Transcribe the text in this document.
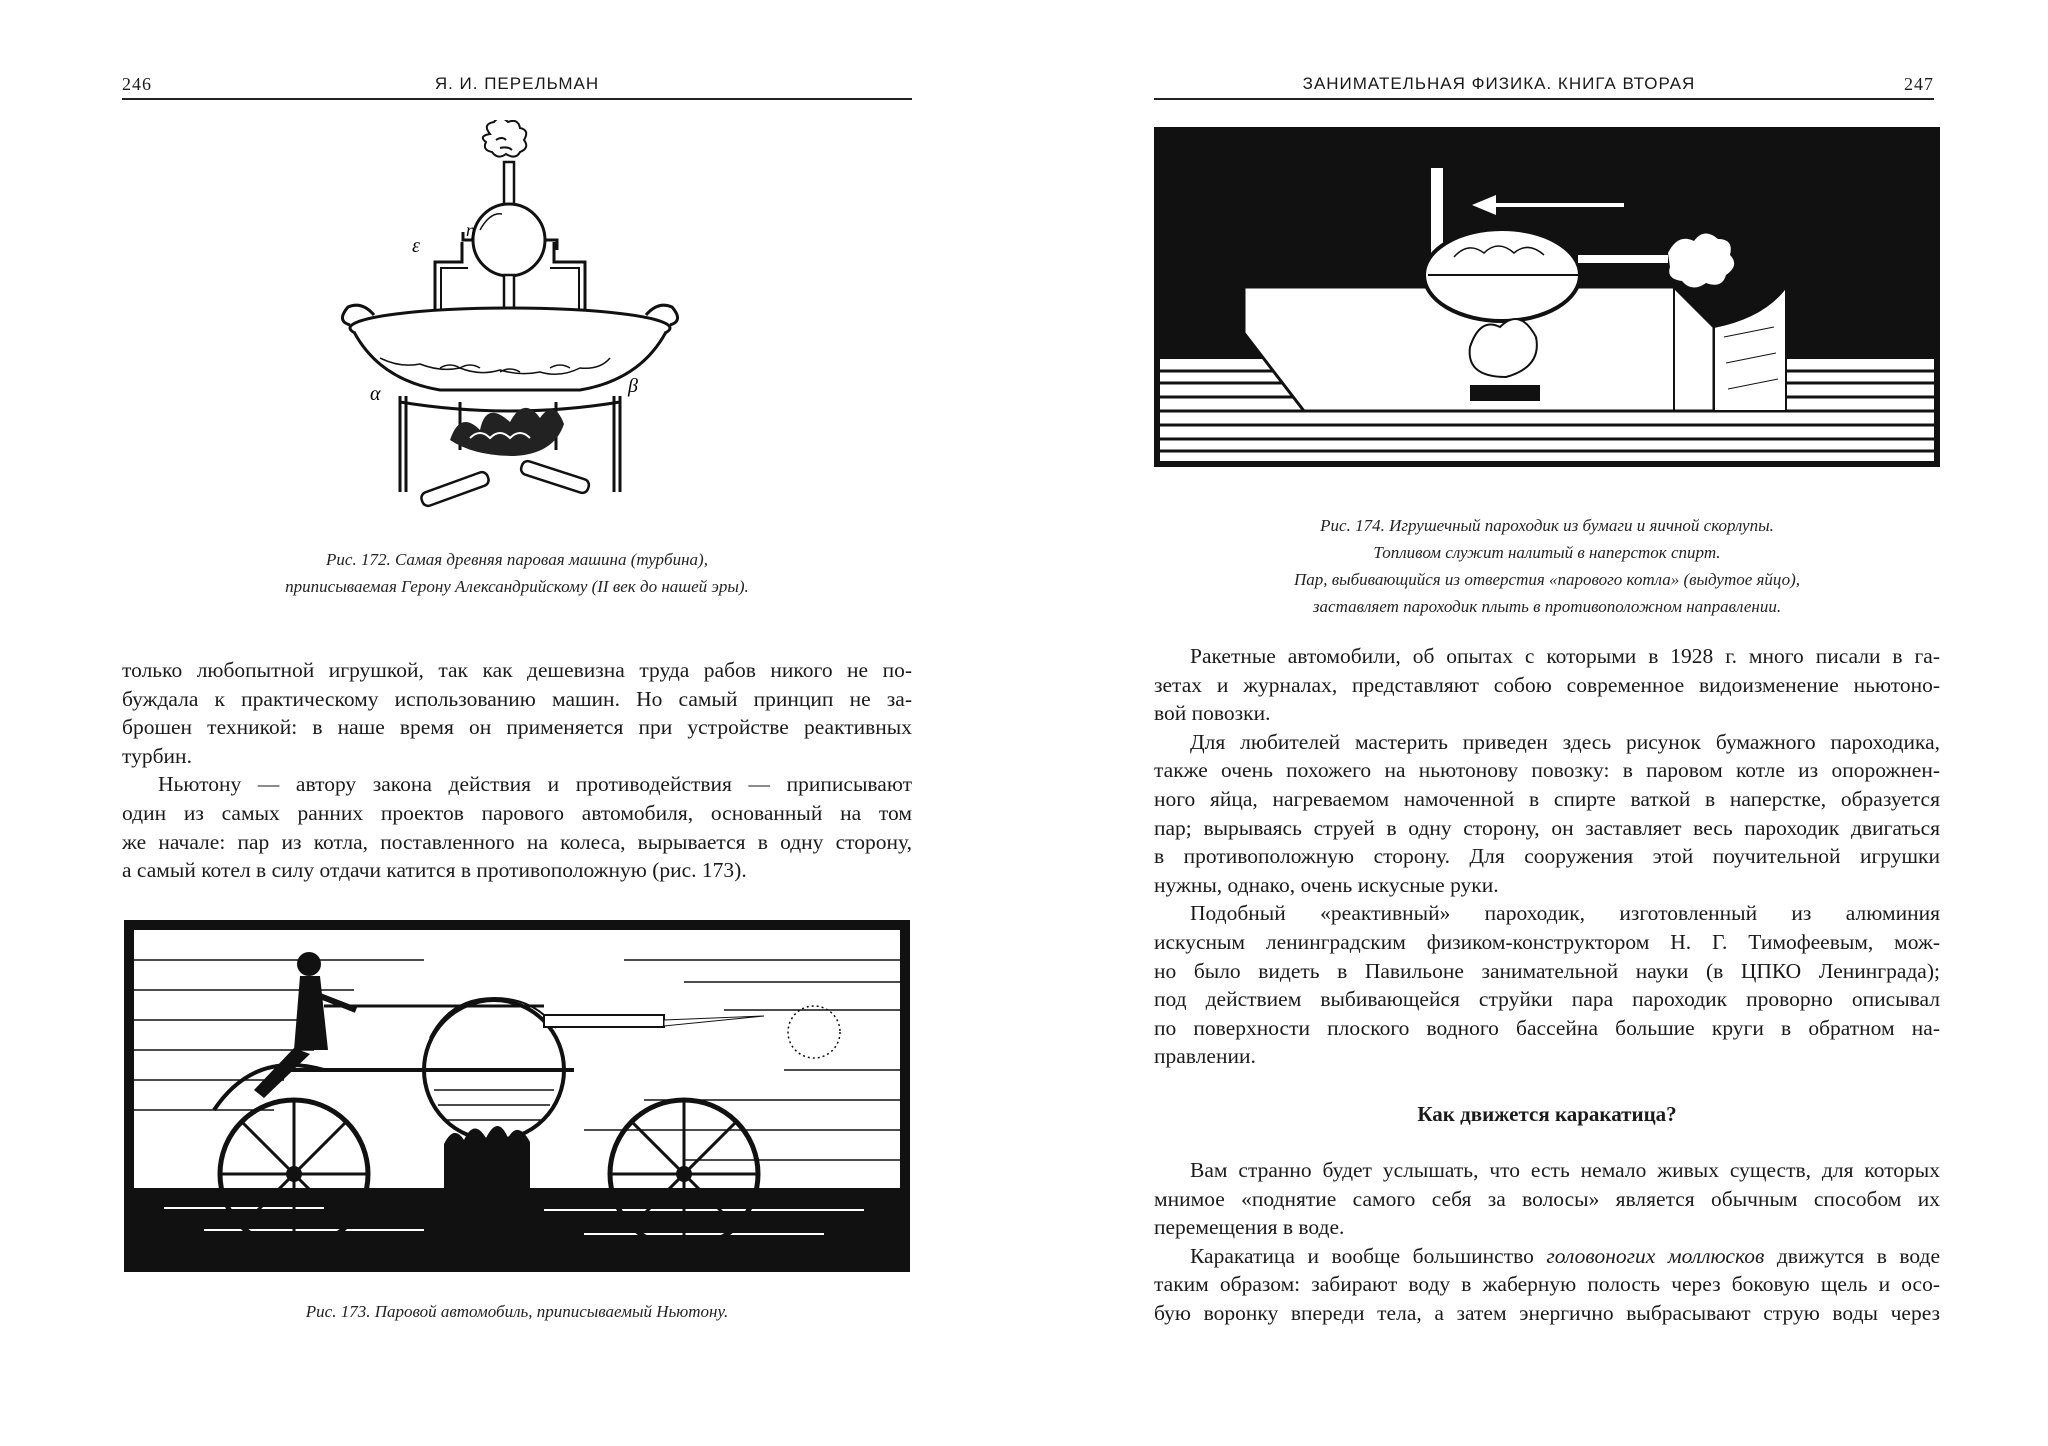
246	Я. И. ПЕРЕЛЬМАН
ε
η
α	β
Рис. 172. Самая древняя паровая машина (турбина),
приписываемая Герону Александрийскому (II век до нашей эры).
только любопытной игрушкой, так как дешевизна труда рабов никого не по-
буждала к практическому использованию машин. Но самый принцип не за-
брошен техникой: в наше время он применяется при устройстве реактивных
турбин.
Ньютону — автору закона действия и противодействия — приписывают
один из самых ранних проектов парового автомобиля, основанный на том
же начале: пар из котла, поставленного на колеса, вырывается в одну сторону,
а самый котел в силу отдачи катится в противоположную (рис. 173).
Рис. 173. Паровой автомобиль, приписываемый Ньютону.
ЗАНИМАТЕЛЬНАЯ ФИЗИКА. КНИГА ВТОРАЯ	247
Рис. 174. Игрушечный пароходик из бумаги и яичной скорлупы.
Топливом служит налитый в наперсток спирт.
Пар, выбивающийся из отверстия «парового котла» (выдутое яйцо),
заставляет пароходик плыть в противоположном направлении.
Ракетные автомобили, об опытах с которыми в 1928 г. много писали в га-
зетах и журналах, представляют собою современное видоизменение ньютоно-
вой повозки.
Для любителей мастерить приведен здесь рисунок бумажного пароходика,
также очень похожего на ньютонову повозку: в паровом котле из опорожнен-
ного яйца, нагреваемом намоченной в спирте ваткой в наперстке, образуется
пар; вырываясь струей в одну сторону, он заставляет весь пароходик двигаться
в противоположную сторону. Для сооружения этой поучительной игрушки
нужны, однако, очень искусные руки.
Подобный «реактивный» пароходик, изготовленный из алюминия
искусным ленинградским физиком-конструктором Н. Г. Тимофеевым, мож-
но было видеть в Павильоне занимательной науки (в ЦПКО Ленинграда);
под действием выбивающейся струйки пара пароходик проворно описывал
по поверхности плоского водного бассейна большие круги в обратном на-
правлении.
Как движется каракатица?
Вам странно будет услышать, что есть немало живых существ, для которых
мнимое «поднятие самого себя за волосы» является обычным способом их
перемещения в воде.
Каракатица и вообще большинство головоногих моллюсков движутся в воде
таким образом: забирают воду в жаберную полость через боковую щель и осо-
бую воронку впереди тела, а затем энергично выбрасывают струю воды через
